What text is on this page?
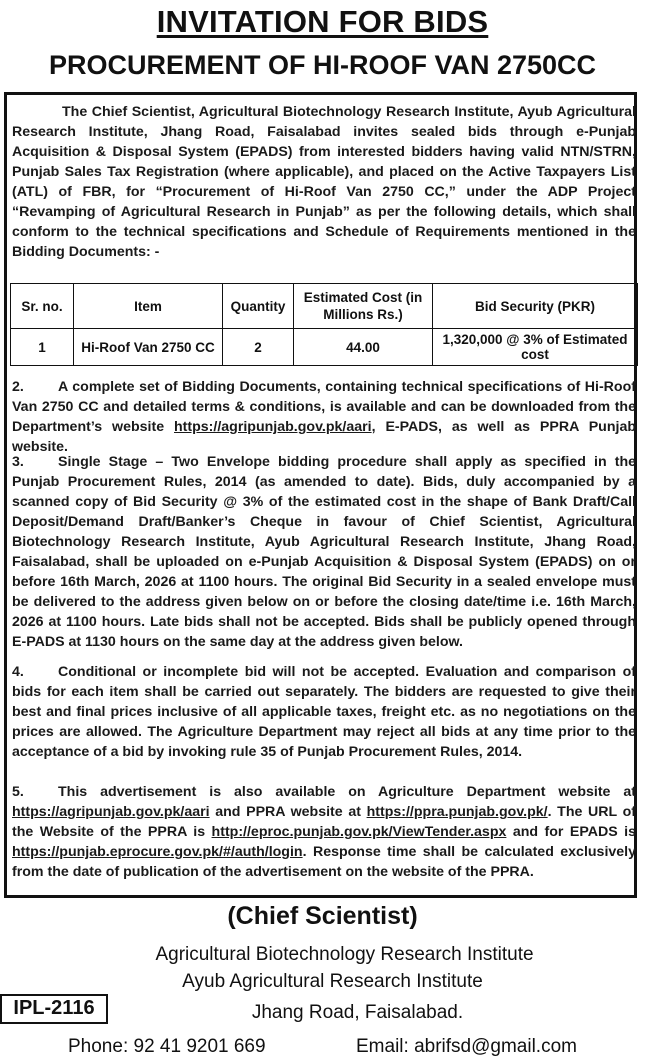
INVITATION FOR BIDS
PROCUREMENT OF HI-ROOF VAN 2750CC
The Chief Scientist, Agricultural Biotechnology Research Institute, Ayub Agricultural Research Institute, Jhang Road, Faisalabad invites sealed bids through e-Punjab Acquisition & Disposal System (EPADS) from interested bidders having valid NTN/STRN, Punjab Sales Tax Registration (where applicable), and placed on the Active Taxpayers List (ATL) of FBR, for “Procurement of Hi-Roof Van 2750 CC,” under the ADP Project “Revamping of Agricultural Research in Punjab” as per the following details, which shall conform to the technical specifications and Schedule of Requirements mentioned in the Bidding Documents: -
Sr. no.	Item	Quantity	Estimated Cost (in Millions Rs.)	Bid Security (PKR)
1	Hi-Roof Van 2750 CC	2	44.00	1,320,000 @ 3% of Estimated cost
2. A complete set of Bidding Documents, containing technical specifications of Hi-Roof Van 2750 CC and detailed terms & conditions, is available and can be downloaded from the Department’s website https://agripunjab.gov.pk/aari, E-PADS, as well as PPRA Punjab website.
3. Single Stage – Two Envelope bidding procedure shall apply as specified in the Punjab Procurement Rules, 2014 (as amended to date). Bids, duly accompanied by a scanned copy of Bid Security @ 3% of the estimated cost in the shape of Bank Draft/Call Deposit/Demand Draft/Banker’s Cheque in favour of Chief Scientist, Agricultural Biotechnology Research Institute, Ayub Agricultural Research Institute, Jhang Road, Faisalabad, shall be uploaded on e-Punjab Acquisition & Disposal System (EPADS) on or before 16th March, 2026 at 1100 hours. The original Bid Security in a sealed envelope must be delivered to the address given below on or before the closing date/time i.e. 16th March, 2026 at 1100 hours. Late bids shall not be accepted. Bids shall be publicly opened through E-PADS at 1130 hours on the same day at the address given below.
4. Conditional or incomplete bid will not be accepted. Evaluation and comparison of bids for each item shall be carried out separately. The bidders are requested to give their best and final prices inclusive of all applicable taxes, freight etc. as no negotiations on the prices are allowed. The Agriculture Department may reject all bids at any time prior to the acceptance of a bid by invoking rule 35 of Punjab Procurement Rules, 2014.
5. This advertisement is also available on Agriculture Department website at https://agripunjab.gov.pk/aari and PPRA website at https://ppra.punjab.gov.pk/. The URL of the Website of the PPRA is http://eproc.punjab.gov.pk/ViewTender.aspx and for EPADS is https://punjab.eprocure.gov.pk/#/auth/login. Response time shall be calculated exclusively from the date of publication of the advertisement on the website of the PPRA.
(Chief Scientist)
Agricultural Biotechnology Research Institute
Ayub Agricultural Research Institute
Jhang Road, Faisalabad.
Phone: 92 41 9201 669	Email: abrifsd@gmail.com
IPL-2116
